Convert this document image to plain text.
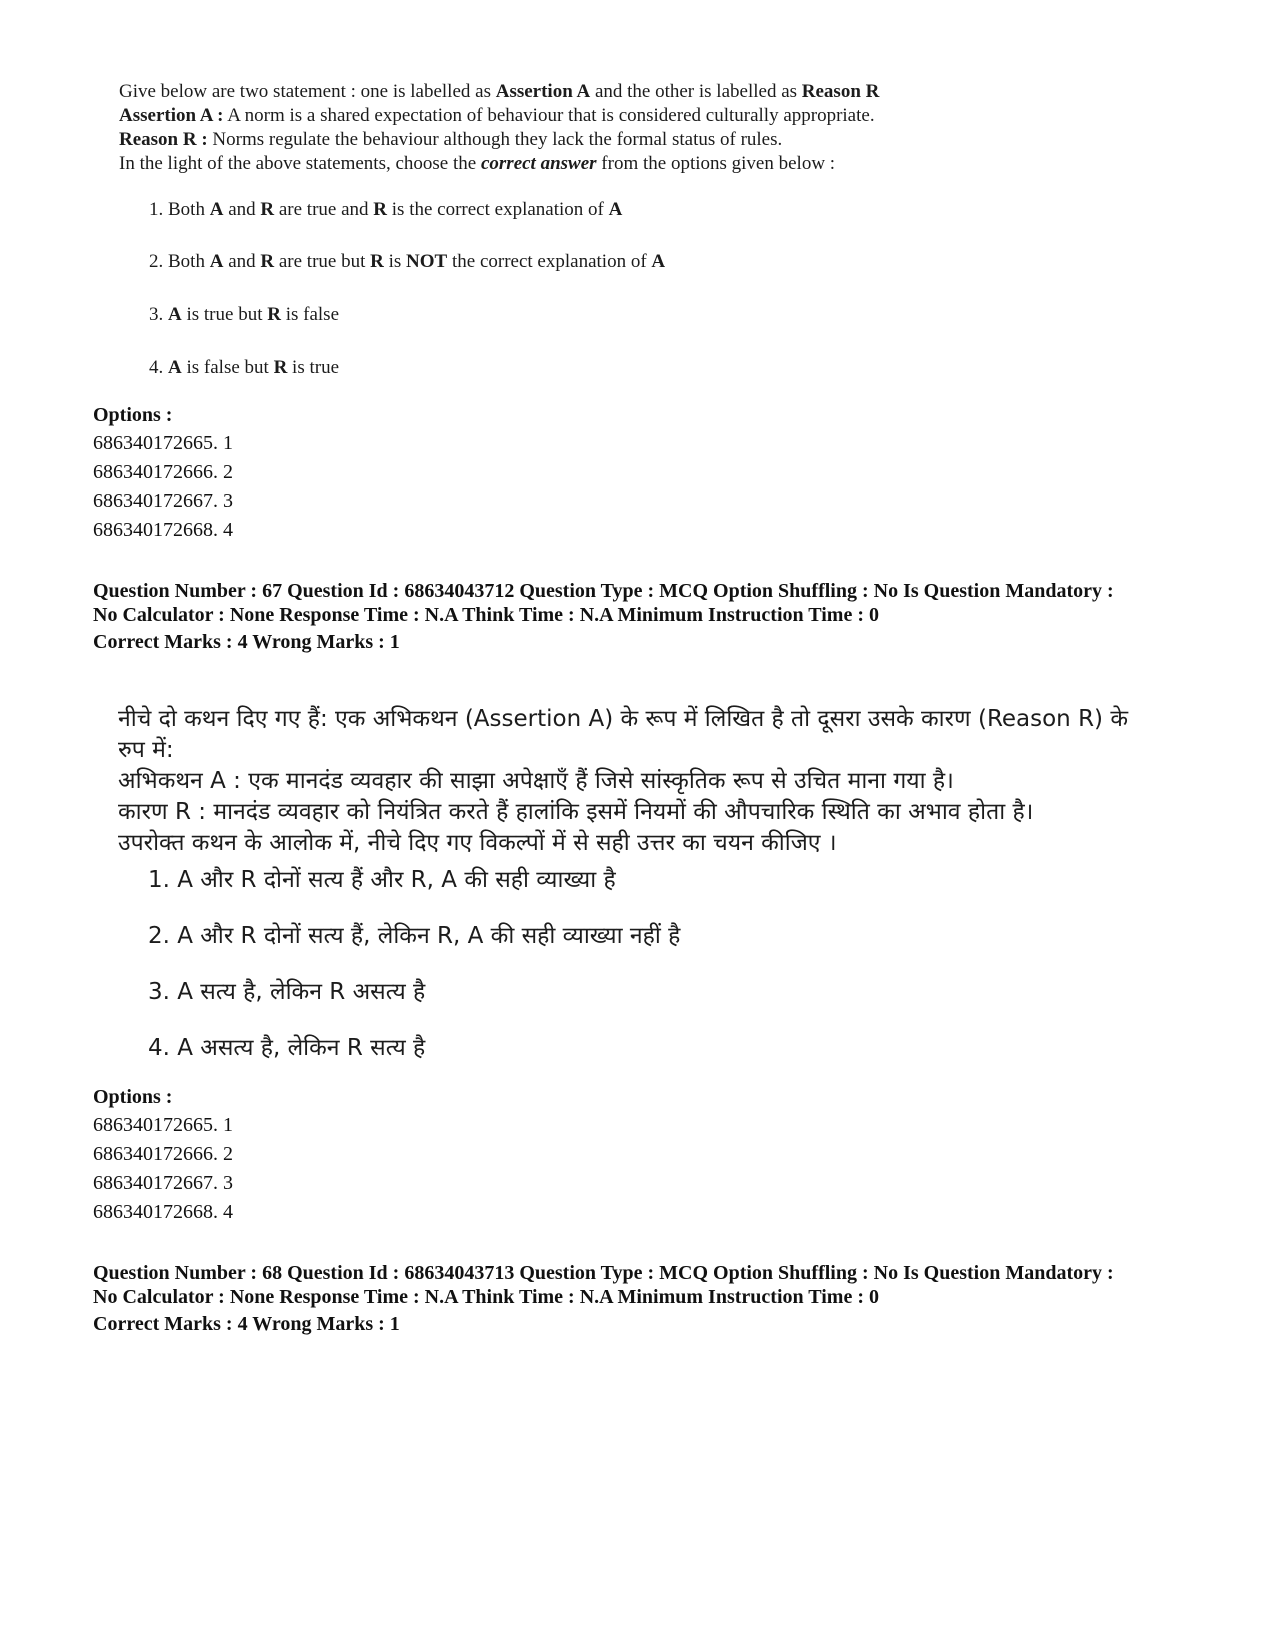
Give below are two statement : one is labelled as Assertion A and the other is labelled as Reason R
Assertion A : A norm is a shared expectation of behaviour that is considered culturally appropriate.
Reason R : Norms regulate the behaviour although they lack the formal status of rules.
In the light of the above statements, choose the correct answer from the options given below :
1. Both A and R are true and R is the correct explanation of A
2. Both A and R are true but R is NOT the correct explanation of A
3. A is true but R is false
4. A is false but R is true
Options :
686340172665. 1
686340172666. 2
686340172667. 3
686340172668. 4
Question Number : 67 Question Id : 68634043712 Question Type : MCQ Option Shuffling : No Is Question Mandatory :
No Calculator : None Response Time : N.A Think Time : N.A Minimum Instruction Time : 0
Correct Marks : 4 Wrong Marks : 1
नीचे दो कथन दिए गए हैं: एक अभिकथन (Assertion A) के रूप में लिखित है तो दूसरा उसके कारण (Reason R) के
रुप में:
अभिकथन A : एक मानदंड व्यवहार की साझा अपेक्षाएँ हैं जिसे सांस्कृतिक रूप से उचित माना गया है।
कारण R : मानदंड व्यवहार को नियंत्रित करते हैं हालांकि इसमें नियमों की औपचारिक स्थिति का अभाव होता है।
उपरोक्त कथन के आलोक में, नीचे दिए गए विकल्पों में से सही उत्तर का चयन कीजिए ।
1. A और R दोनों सत्य हैं और R, A की सही व्याख्या है
2. A और R दोनों सत्य हैं, लेकिन R, A की सही व्याख्या नहीं है
3. A सत्य है, लेकिन R असत्य है
4. A असत्य है, लेकिन R सत्य है
Options :
686340172665. 1
686340172666. 2
686340172667. 3
686340172668. 4
Question Number : 68 Question Id : 68634043713 Question Type : MCQ Option Shuffling : No Is Question Mandatory :
No Calculator : None Response Time : N.A Think Time : N.A Minimum Instruction Time : 0
Correct Marks : 4 Wrong Marks : 1
